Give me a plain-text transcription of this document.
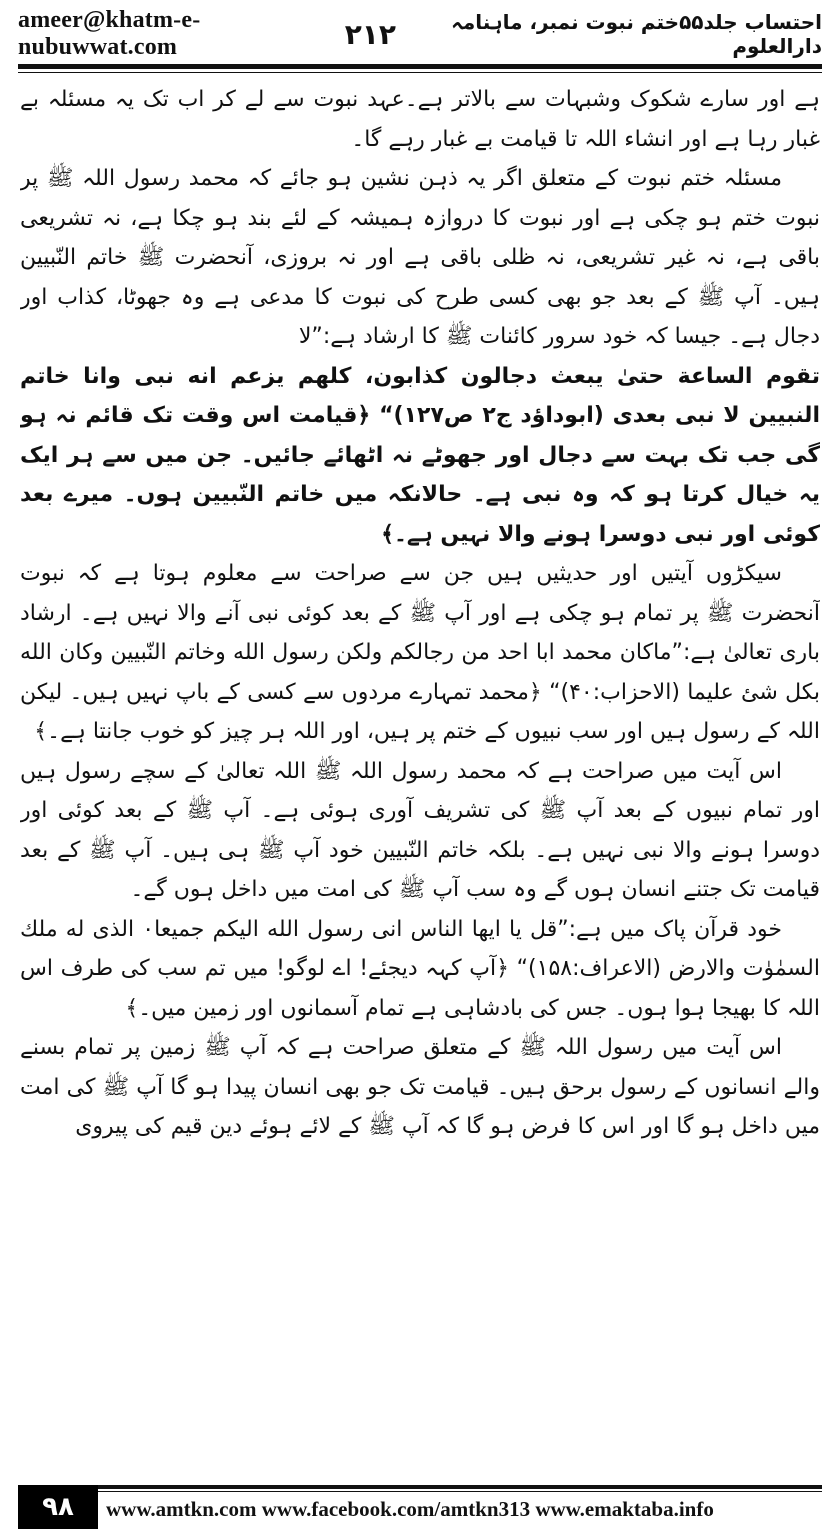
ameer@khatm-e-nubuwwat.com	۲۱۲	احتساب جلد۵۵ختم نبوت نمبر، ماہنامہ دارالعلوم

ہے اور سارے شکوک وشبہات سے بالاتر ہے۔عہد نبوت سے لے کر اب تک یہ مسئلہ بے غبار رہا ہے اور انشاء اللہ تا قیامت بے غبار رہے گا۔

مسئلہ ختم نبوت کے متعلق اگر یہ ذہن نشین ہو جائے کہ محمد رسول اللہ ﷺ پر نبوت ختم ہو چکی ہے اور نبوت کا دروازہ ہمیشہ کے لئے بند ہو چکا ہے، نہ تشریعی باقی ہے، نہ غیر تشریعی، نہ ظلی باقی ہے اور نہ بروزی، آنحضرت ﷺ خاتم النّبیین ہیں۔ آپ ﷺ کے بعد جو بھی کسی طرح کی نبوت کا مدعی ہے وہ جھوٹا، کذاب اور دجال ہے۔ جیسا کہ خود سرور کائنات ﷺ کا ارشاد ہے:”لا

تقوم الساعة حتیٰ یبعث دجالون کذابون، کلھم یزعم انه نبی وانا خاتم النبیین لا نبی بعدی (ابوداؤد ج۲ ص۱۲۷)“ ﴿قیامت اس وقت تک قائم نہ ہو گی جب تک بہت سے دجال اور جھوٹے نہ اٹھائے جائیں۔ جن میں سے ہر ایک یہ خیال کرتا ہو کہ وہ نبی ہے۔ حالانکہ میں خاتم النّبیین ہوں۔ میرے بعد کوئی اور نبی دوسرا ہونے والا نہیں ہے۔﴾

سیکڑوں آیتیں اور حدیثیں ہیں جن سے صراحت سے معلوم ہوتا ہے کہ نبوت آنحضرت ﷺ پر تمام ہو چکی ہے اور آپ ﷺ کے بعد کوئی نبی آنے والا نہیں ہے۔ ارشاد باری تعالیٰ ہے:”ماکان محمد ابا احد من رجالکم ولکن رسول الله وخاتم النّبیین وکان الله بکل شئ علیما (الاحزاب:۴۰)“ ﴿محمد تمہارے مردوں سے کسی کے باپ نہیں ہیں۔ لیکن اللہ کے رسول ہیں اور سب نبیوں کے ختم پر ہیں، اور اللہ ہر چیز کو خوب جانتا ہے۔﴾

اس آیت میں صراحت ہے کہ محمد رسول اللہ ﷺ اللہ تعالیٰ کے سچے رسول ہیں اور تمام نبیوں کے بعد آپ ﷺ کی تشریف آوری ہوئی ہے۔ آپ ﷺ کے بعد کوئی اور دوسرا ہونے والا نبی نہیں ہے۔ بلکہ خاتم النّبیین خود آپ ﷺ ہی ہیں۔ آپ ﷺ کے بعد قیامت تک جتنے انسان ہوں گے وہ سب آپ ﷺ کی امت میں داخل ہوں گے۔

خود قرآن پاک میں ہے:”قل یا ایھا الناس انی رسول الله الیکم جمیعا۰ الذی له ملك السمٰوٰت والارض (الاعراف:۱۵۸)“ ﴿آپ کہہ دیجئے! اے لوگو! میں تم سب کی طرف اس اللہ کا بھیجا ہوا ہوں۔ جس کی بادشاہی ہے تمام آسمانوں اور زمین میں۔﴾

اس آیت میں رسول اللہ ﷺ کے متعلق صراحت ہے کہ آپ ﷺ زمین پر تمام بسنے والے انسانوں کے رسول برحق ہیں۔ قیامت تک جو بھی انسان پیدا ہو گا آپ ﷺ کی امت میں داخل ہو گا اور اس کا فرض ہو گا کہ آپ ﷺ کے لائے ہوئے دین قیم کی پیروی

۹۸	www.amtkn.com www.facebook.com/amtkn313 www.emaktaba.info
